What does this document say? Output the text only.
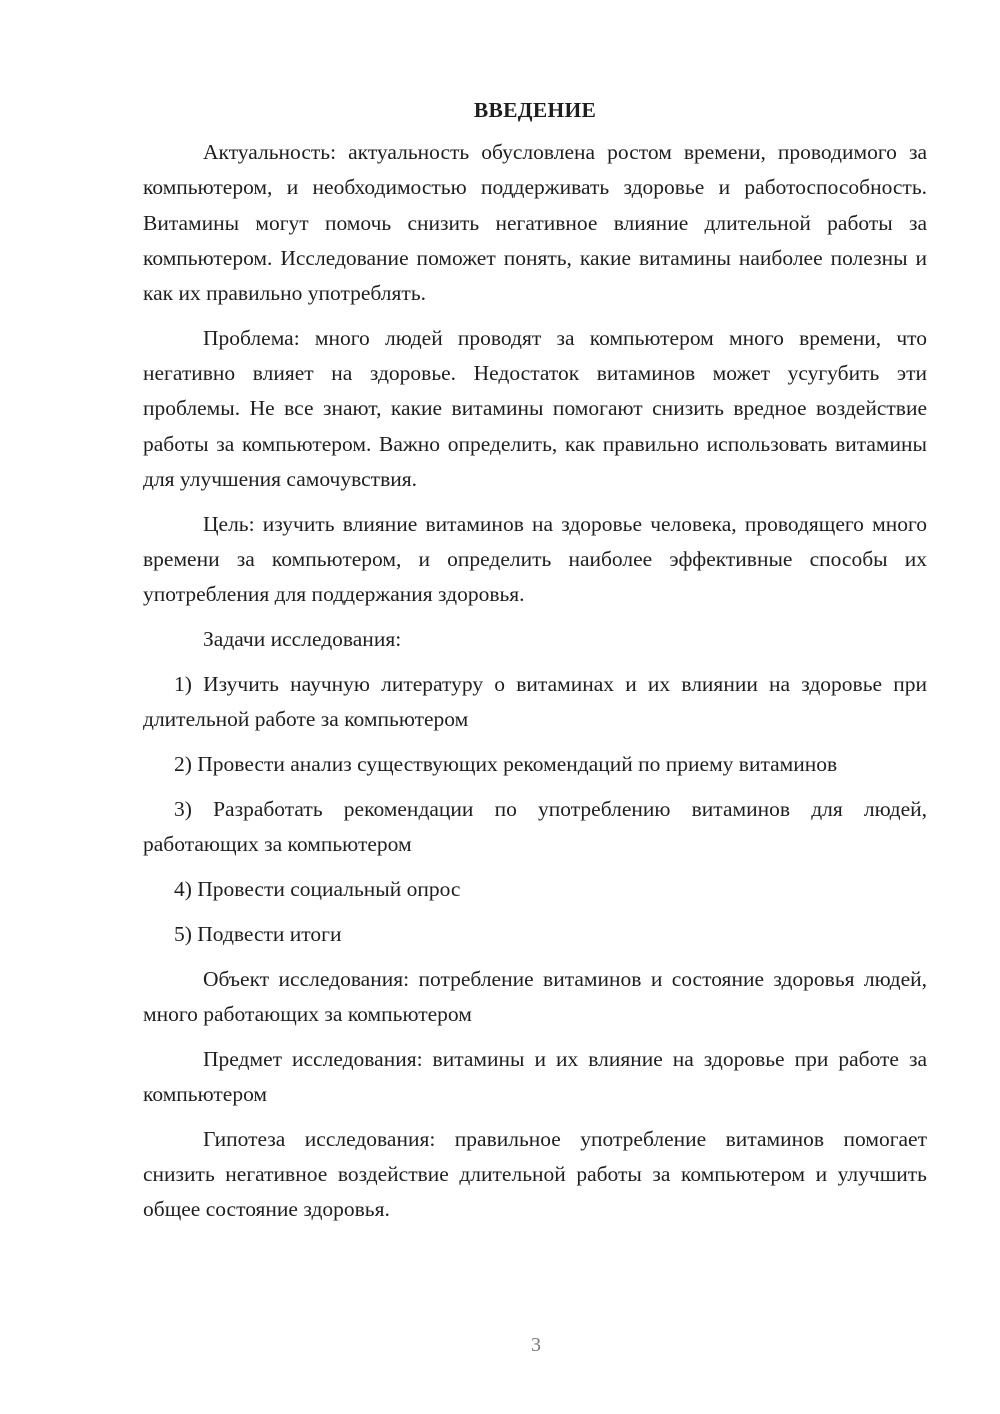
ВВЕДЕНИЕ
Актуальность: актуальность обусловлена ростом времени, проводимого за компьютером, и необходимостью поддерживать здоровье и работоспособность. Витамины могут помочь снизить негативное влияние длительной работы за компьютером. Исследование поможет понять, какие витамины наиболее полезны и как их правильно употреблять.
Проблема: много людей проводят за компьютером много времени, что негативно влияет на здоровье. Недостаток витаминов может усугубить эти проблемы. Не все знают, какие витамины помогают снизить вредное воздействие работы за компьютером. Важно определить, как правильно использовать витамины для улучшения самочувствия.
Цель: изучить влияние витаминов на здоровье человека, проводящего много времени за компьютером, и определить наиболее эффективные способы их употребления для поддержания здоровья.
Задачи исследования:
1) Изучить научную литературу о витаминах и их влиянии на здоровье при длительной работе за компьютером
2) Провести анализ существующих рекомендаций по приему витаминов
3) Разработать рекомендации по употреблению витаминов для людей, работающих за компьютером
4) Провести социальный опрос
5) Подвести итоги
Объект исследования: потребление витаминов и состояние здоровья людей, много работающих за компьютером
Предмет исследования: витамины и их влияние на здоровье при работе за компьютером
Гипотеза исследования: правильное употребление витаминов помогает снизить негативное воздействие длительной работы за компьютером и улучшить общее состояние здоровья.
3
